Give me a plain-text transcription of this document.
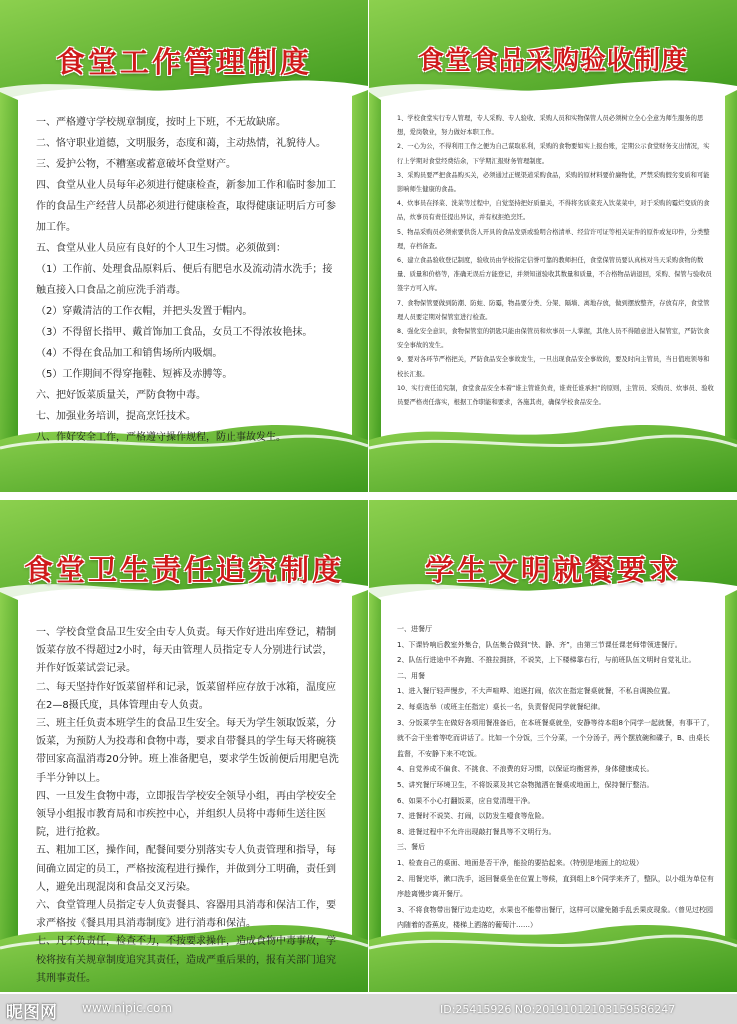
食堂工作管理制度

一、严格遵守学校规章制度，按时上下班，不无故缺席。

二、恪守职业道德，文明服务，态度和蔼，主动热情，礼貌待人。

三、爱护公物，不糟塞或蓄意破坏食堂财产。

四、食堂从业人员每年必须进行健康检查，新参加工作和临时参加工作的食品生产经营人员都必须进行健康检查，取得健康证明后方可参加工作。

五、食堂从业人员应有良好的个人卫生习惯。必须做到：

（1）工作前、处理食品原料后、便后有肥皂水及流动清水洗手；接触直接入口食品之前应洗手消毒。

（2）穿戴清洁的工作衣帽，并把头发置于帽内。

（3）不得留长指甲、戴首饰加工食品，女员工不得浓妆艳抹。

（4）不得在食品加工和销售场所内吸烟。

（5）工作期间不得穿拖鞋、短裤及赤膊等。

六、把好饭菜质量关，严防食物中毒。

七、加强业务培训，提高烹饪技术。

八、作好安全工作，严格遵守操作规程，防止事故发生。

食堂食品采购验收制度

1、学校食堂实行专人管理，专人采购、专人验收、采购人员和实物保管人员必须树立全心全意为师生服务的思想，爱岗敬业，努力做好本职工作。

2、一心为公，不得利用工作之便为自己谋取私利，采购的食物要如实上报台账，定期公示食堂财务支出情况，实行上学期对食堂经费结余，下学期汇报财务管理制度。

3、采购员要严把食品购买关，必须通过正规渠道采购食品，采购的原材料要价廉物优，严禁采购假劣变质和可能影响师生健康的食品。

4、炊事员在择菜、洗菜等过程中，自觉坚持把好质量关，不得将劣质菜充入饮菜菜中，对于采购的霉烂变质的食品，炊事员有责任提出异议，并有权拒绝烹饪。

5、物品采购员必须索要供货人开具的食品发票或验明合格清单、经营许可证等相关证件的原件或复印件，分类整理，存档备查。

6、建立食品验收登记制度，验收员由学校指定信誉可靠的教师担任，食堂保管员要认真核对当天采购食物的数量、质量和价格等，准确无误后方能登记，并须知道验收其数量和质量，不合格物品请退回，采购、保管与验收员签字方可入库。

7、食物保管要做到防潮、防蛀、防霉，物品要分类、分架、隔墙、离地存放，做到摆放整齐，存放有序，食堂管理人员要定期对保管室进行检查。

8、强化安全意识，食物保管室的钥匙只能由保管员和炊事员一人掌握，其他人员不得随意进入保管室，严防饮食安全事故的发生。

9、要对各环节严格把关，严防食品安全事故发生，一旦出现食品安全事故的，要及时向主管员，当日值班领导和校长汇报。

10、实行责任追究制，食堂食品安全本着“谁主管谁负责，谁责任谁承担”的原则，主管员、采购员、炊事员、验收员要严格责任落实，根据工作职能和要求，各施其责，确保学校食品安全。

食堂卫生责任追究制度

一、学校食堂食品卫生安全由专人负责。每天作好进出库登记，精制饭菜存放不得超过2小时，每天由管理人员指定专人分别进行试尝，并作好饭菜试尝记录。

二、每天坚持作好饭菜留样和记录，饭菜留样应存放于冰箱，温度应在2—8摄氏度，具体管理由专人负责。

三、班主任负责本班学生的食品卫生安全。每天为学生领取饭菜，分饭菜，为预防人为投毒和食物中毒，要求自带餐具的学生每天将碗筷带回家高温消毒20分钟。班上准备肥皂，要求学生饭前便后用肥皂洗手半分钟以上。

四、一旦发生食物中毒，立即报告学校安全领导小组，再由学校安全领导小组报市教育局和市疾控中心，并组织人员将中毒师生送往医院，进行抢救。

五、粗加工区，操作间，配餐间要分别落实专人负责管理和指导，每间确立固定的员工，严格按流程进行操作，并做到分工明确，责任到人，避免出现混岗和食品交叉污染。

六、食堂管理人员指定专人负责餐具、容器用具消毒和保洁工作，要求严格按《餐具用具消毒制度》进行消毒和保洁。

七、凡不负责任，检查不力，不按要求操作，造成食物中毒事故，学校将按有关规章制度追究其责任，造成严重后果的，报有关部门追究其刑事责任。

学生文明就餐要求

一、进餐厅

1、下课铃响后教室外集合，队伍集合做到“快、静、齐”，由第三节课任课老师带领进餐厅。

2、队伍行进途中不奔跑、不推拉拥挤，不说笑，上下楼梯靠右行，与前班队伍文明时自觉礼让。

二、用餐

1、进入餐厅轻声慢步，不大声喧哗、追逐打闹，依次在指定餐桌就餐，不私自调换位置。

2、每桌选举（或班主任指定）桌长一名，负责督促同学就餐纪律。

3、分饭菜学生在做好各项用餐准备后，在本班餐桌就坐，安静等待本组8个同学一起就餐，有事干了，就不会干坐着等吃而讲话了。比如一个分饭，三个分菜，一个分汤子，两个摆放碗和碟子，B、由桌长监督，不安静下来不吃饭。

4、自觉养成不偏食、不挑食、不浪费的好习惯，以保证均衡营养，身体健康成长。

5、讲究餐厅环境卫生，不将饭菜及其它杂物抛洒在餐桌或地面上，保持餐厅整洁。

6、如果不小心打翻饭菜，应自觉清理干净。

7、进餐时不说笑、打闹，以防发生噎食等危险。

8、进餐过程中不允许出现敲打餐具等不文明行为。

三、餐后

1、检查自己的桌面、地面是否干净，能捡的要拾起来。（特别是地面上的垃圾）

2、用餐完毕，漱口洗手，返回餐桌坐在位置上等候，直到组上8个同学来齐了，整队，以小组为单位有序趁离慢步离开餐厅。

3、不将食物带出餐厅边走边吃，水果也不能带出餐厅，这样可以避免随手乱丢果皮现象。（曾见过校园内随着的香蕉皮，楼梯上洒落的葡萄汁……）

昵图网 www.nipic.com	ID:25415926 NO:20191012103159586247
